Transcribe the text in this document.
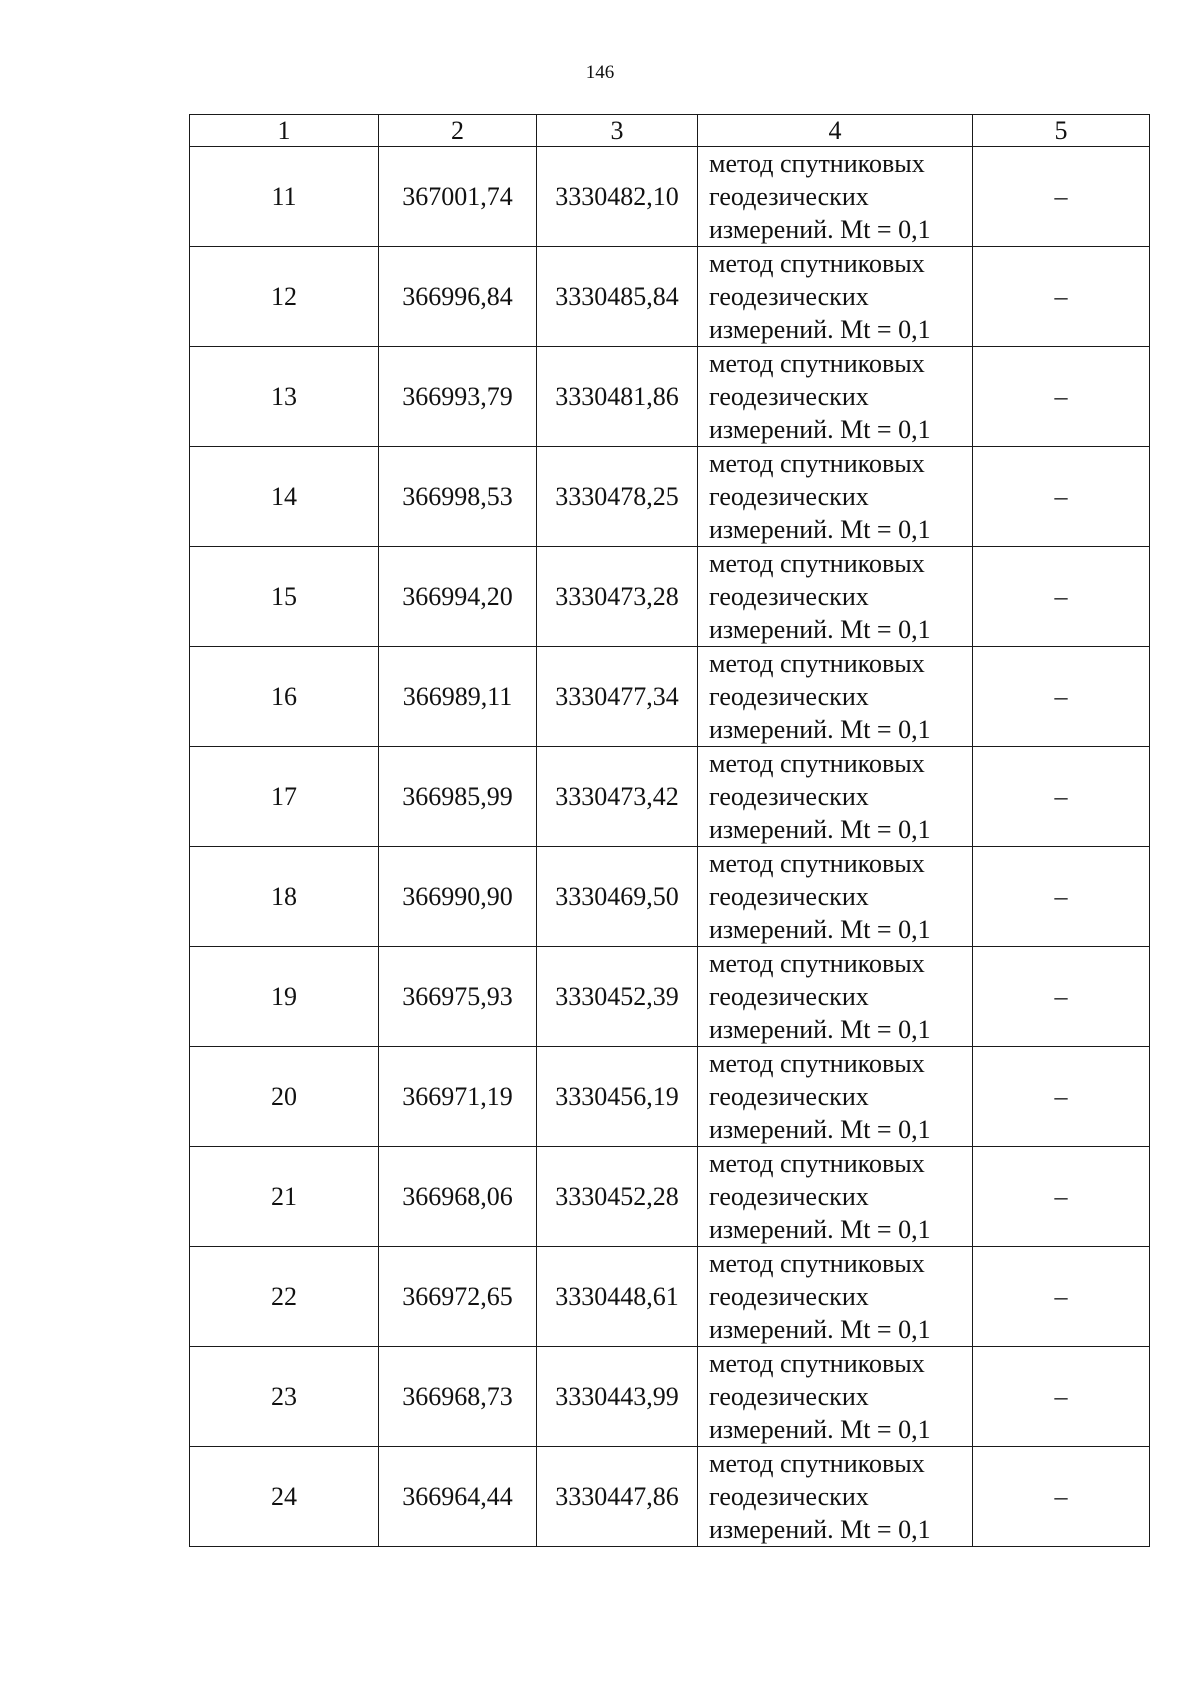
146
1	2	3	4	5
11	367001,74	3330482,10	метод спутниковых
геодезических
измерений. Mt = 0,1	–
12	366996,84	3330485,84	метод спутниковых
геодезических
измерений. Mt = 0,1	–
13	366993,79	3330481,86	метод спутниковых
геодезических
измерений. Mt = 0,1	–
14	366998,53	3330478,25	метод спутниковых
геодезических
измерений. Mt = 0,1	–
15	366994,20	3330473,28	метод спутниковых
геодезических
измерений. Mt = 0,1	–
16	366989,11	3330477,34	метод спутниковых
геодезических
измерений. Mt = 0,1	–
17	366985,99	3330473,42	метод спутниковых
геодезических
измерений. Mt = 0,1	–
18	366990,90	3330469,50	метод спутниковых
геодезических
измерений. Mt = 0,1	–
19	366975,93	3330452,39	метод спутниковых
геодезических
измерений. Mt = 0,1	–
20	366971,19	3330456,19	метод спутниковых
геодезических
измерений. Mt = 0,1	–
21	366968,06	3330452,28	метод спутниковых
геодезических
измерений. Mt = 0,1	–
22	366972,65	3330448,61	метод спутниковых
геодезических
измерений. Mt = 0,1	–
23	366968,73	3330443,99	метод спутниковых
геодезических
измерений. Mt = 0,1	–
24	366964,44	3330447,86	метод спутниковых
геодезических
измерений. Mt = 0,1	–
